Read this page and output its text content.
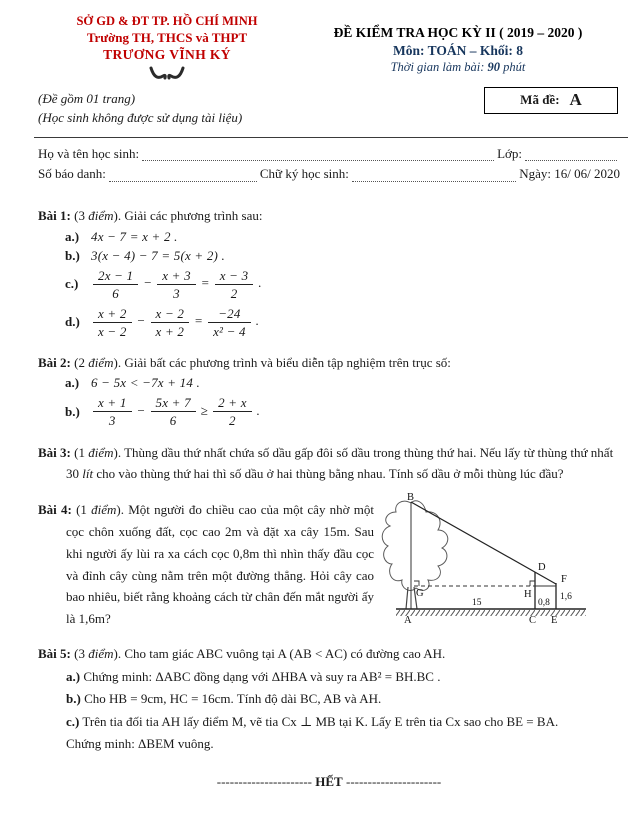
SỞ GD & ĐT TP. HỒ CHÍ MINH
Trường TH, THCS và THPT
TRƯƠNG VĨNH KÝ
(Đề gồm 01 trang)
(Học sinh không được sử dụng tài liệu)
ĐỀ KIỂM TRA HỌC KỲ II ( 2019 – 2020 )
Môn: TOÁN – Khối: 8
Thời gian làm bài: 90 phút
Mã đề: A
Họ và tên học sinh:	Lớp:
Số báo danh:	Chữ ký học sinh:	Ngày:
16/ 06/ 2020
Bài 1: (3 điểm). Giải các phương trình sau:
a.) 4x − 7 = x + 2 .
b.) 3(x − 4) − 7 = 5(x + 2) .
c.)	$\frac{2x - 1}{6} - \frac{x + 3}{3} = \frac{x - 3}{2}$ .
d.)	$\frac{x + 2}{x - 2} - \frac{x - 2}{x + 2} = \frac{-24}{\text{x² − 4}}$ .
Bài 2: (2 điểm). Giải bất các phương trình và biểu diễn tập nghiệm trên trục số:
a.) 6 − 5x < −7x + 14 .
b.)	$\frac{x + 1}{3} - \frac{5x + 7}{6} \ge \frac{2 + x}{2}$ .
Bài 3: (1 điểm). Thùng dầu thứ nhất chứa số dầu gấp đôi số dầu trong thùng thứ hai. Nếu lấy từ thùng thứ nhất 30 lít cho vào thùng thứ hai thì số dầu ở hai thùng bằng nhau. Tính số dầu ở mỗi thùng lúc đầu?
Bài 4: (1 điểm). Một người đo chiều cao của một cây nhờ một cọc chôn xuống đất, cọc cao 2m và đặt xa cây 15m. Sau khi người ấy lùi ra xa cách cọc 0,8m thì nhìn thấy đầu cọc và đỉnh cây cùng nằm trên một đường thẳng. Hỏi cây cao bao nhiêu, biết rằng khoảng cách từ chân đến mắt người ấy là 1,6m?
B
A
G	H
D
F
C E
15	0,8
1,6
Bài 5: (3 điểm). Cho tam giác ABC vuông tại A (AB < AC) có đường cao AH.
a.) Chứng minh: ΔABC đồng dạng với ΔHBA và suy ra AB² = BH.BC .
b.) Cho HB = 9cm, HC = 16cm. Tính độ dài BC, AB và AH.
c.) Trên tia đối tia AH lấy điểm M, vẽ tia Cx ⊥ MB tại K. Lấy E trên tia Cx sao cho BE = BA.
Chứng minh: ΔBEM vuông.
---------------------- HẾT ----------------------
